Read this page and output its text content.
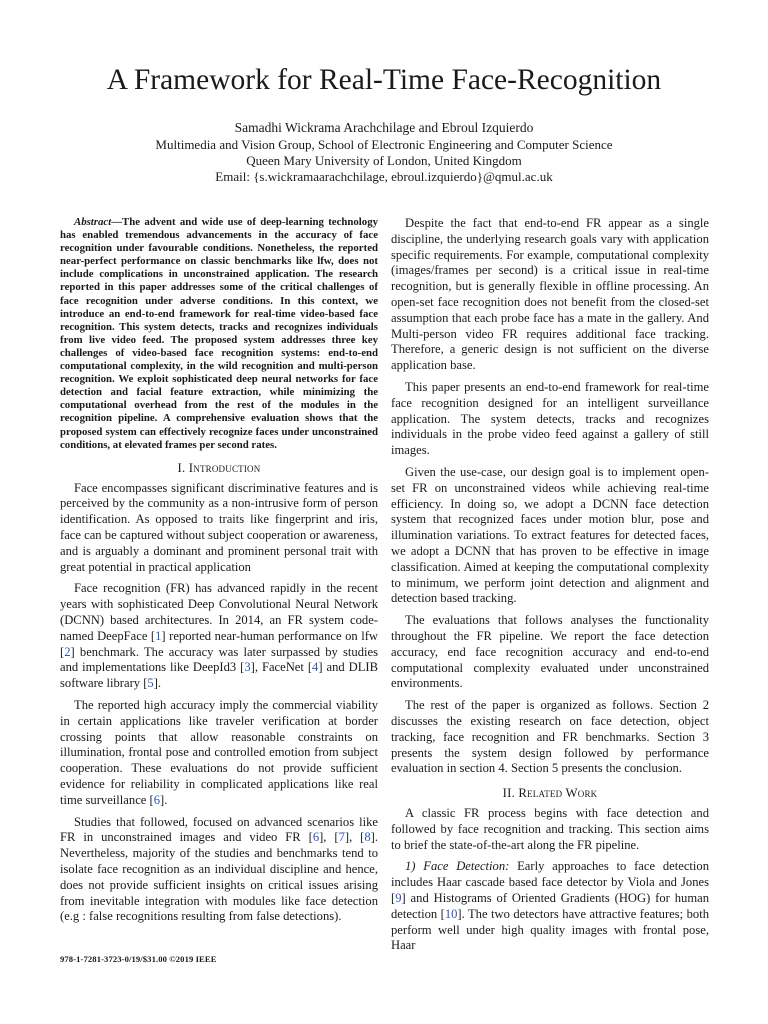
A Framework for Real-Time Face-Recognition
Samadhi Wickrama Arachchilage and Ebroul Izquierdo
Multimedia and Vision Group, School of Electronic Engineering and Computer Science
Queen Mary University of London, United Kingdom
Email: {s.wickramaarachchilage, ebroul.izquierdo}@qmul.ac.uk

Abstract—The advent and wide use of deep-learning technology has enabled tremendous advancements in the accuracy of face recognition under favourable conditions. Nonetheless, the reported near-perfect performance on classic benchmarks like lfw, does not include complications in unconstrained application. The research reported in this paper addresses some of the critical challenges of face recognition under adverse conditions. In this context, we introduce an end-to-end framework for real-time video-based face recognition. This system detects, tracks and recognizes individuals from live video feed. The proposed system addresses three key challenges of video-based face recognition systems: end-to-end computational complexity, in the wild recognition and multi-person recognition. We exploit sophisticated deep neural networks for face detection and facial feature extraction, while minimizing the computational overhead from the rest of the modules in the recognition pipeline. A comprehensive evaluation shows that the proposed system can effectively recognize faces under unconstrained conditions, at elevated frames per second rates.

I. Introduction

Face encompasses significant discriminative features and is perceived by the community as a non-intrusive form of person identification. As opposed to traits like fingerprint and iris, face can be captured without subject cooperation or awareness, and is arguably a dominant and prominent personal trait with great potential in practical application

Face recognition (FR) has advanced rapidly in the recent years with sophisticated Deep Convolutional Neural Network (DCNN) based architectures. In 2014, an FR system code-named DeepFace [1] reported near-human performance on lfw [2] benchmark. The accuracy was later surpassed by studies and implementations like DeepId3 [3], FaceNet [4] and DLIB software library [5].

The reported high accuracy imply the commercial viability in certain applications like traveler verification at border crossing points that allow reasonable constraints on illumination, frontal pose and controlled emotion from subject cooperation. These evaluations do not provide sufficient evidence for reliability in complicated applications like real time surveillance [6].

Studies that followed, focused on advanced scenarios like FR in unconstrained images and video FR [6], [7], [8]. Nevertheless, majority of the studies and benchmarks tend to isolate face recognition as an individual discipline and hence, does not provide sufficient insights on critical issues arising from inevitable integration with modules like face detection (e.g : false recognitions resulting from false detections).

Despite the fact that end-to-end FR appear as a single discipline, the underlying research goals vary with application specific requirements. For example, computational complexity (images/frames per second) is a critical issue in real-time recognition, but is generally flexible in offline processing. An open-set face recognition does not benefit from the closed-set assumption that each probe face has a mate in the gallery. And Multi-person video FR requires additional face tracking. Therefore, a generic design is not sufficient on the diverse application base.

This paper presents an end-to-end framework for real-time face recognition designed for an intelligent surveillance application. The system detects, tracks and recognizes individuals in the probe video feed against a gallery of still images.

Given the use-case, our design goal is to implement open-set FR on unconstrained videos while achieving real-time efficiency. In doing so, we adopt a DCNN face detection system that recognized faces under motion blur, pose and illumination variations. To extract features for detected faces, we adopt a DCNN that has proven to be effective in image classification. Aimed at keeping the computational complexity to minimum, we perform joint detection and alignment and detection based tracking.

The evaluations that follows analyses the functionality throughout the FR pipeline. We report the face detection accuracy, end face recognition accuracy and end-to-end computational complexity evaluated under unconstrained environments.

The rest of the paper is organized as follows. Section 2 discusses the existing research on face detection, object tracking, face recognition and FR benchmarks. Section 3 presents the system design followed by performance evaluation in section 4. Section 5 presents the conclusion.

II. Related Work

A classic FR process begins with face detection and followed by face recognition and tracking. This section aims to brief the state-of-the-art along the FR pipeline.

1) Face Detection: Early approaches to face detection includes Haar cascade based face detector by Viola and Jones [9] and Histograms of Oriented Gradients (HOG) for human detection [10]. The two detectors have attractive features; both perform well under high quality images with frontal pose, Haar

978-1-7281-3723-0/19/$31.00 ©2019 IEEE
